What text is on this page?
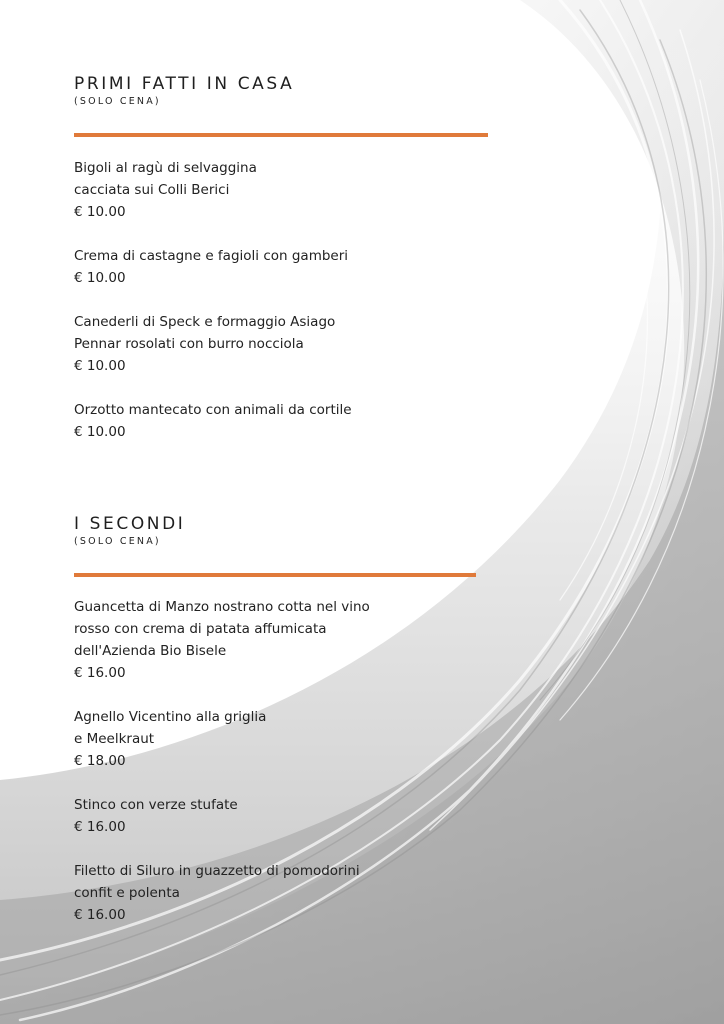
PRIMI FATTI IN CASA
(SOLO CENA)
Bigoli al ragù di selvaggina
cacciata sui Colli Berici
€ 10.00
Crema di castagne e fagioli con gamberi
€ 10.00
Canederli di Speck e formaggio Asiago
Pennar rosolati con burro nocciola
€ 10.00
Orzotto mantecato con animali da cortile
€ 10.00
I SECONDI
(SOLO CENA)
Guancetta di Manzo nostrano cotta nel vino
rosso con crema di patata affumicata
dell'Azienda Bio Bisele
€ 16.00
Agnello Vicentino alla griglia
e Meelkraut
€ 18.00
Stinco con verze stufate
€ 16.00
Filetto di Siluro in guazzetto di pomodorini
confit e polenta
€ 16.00
